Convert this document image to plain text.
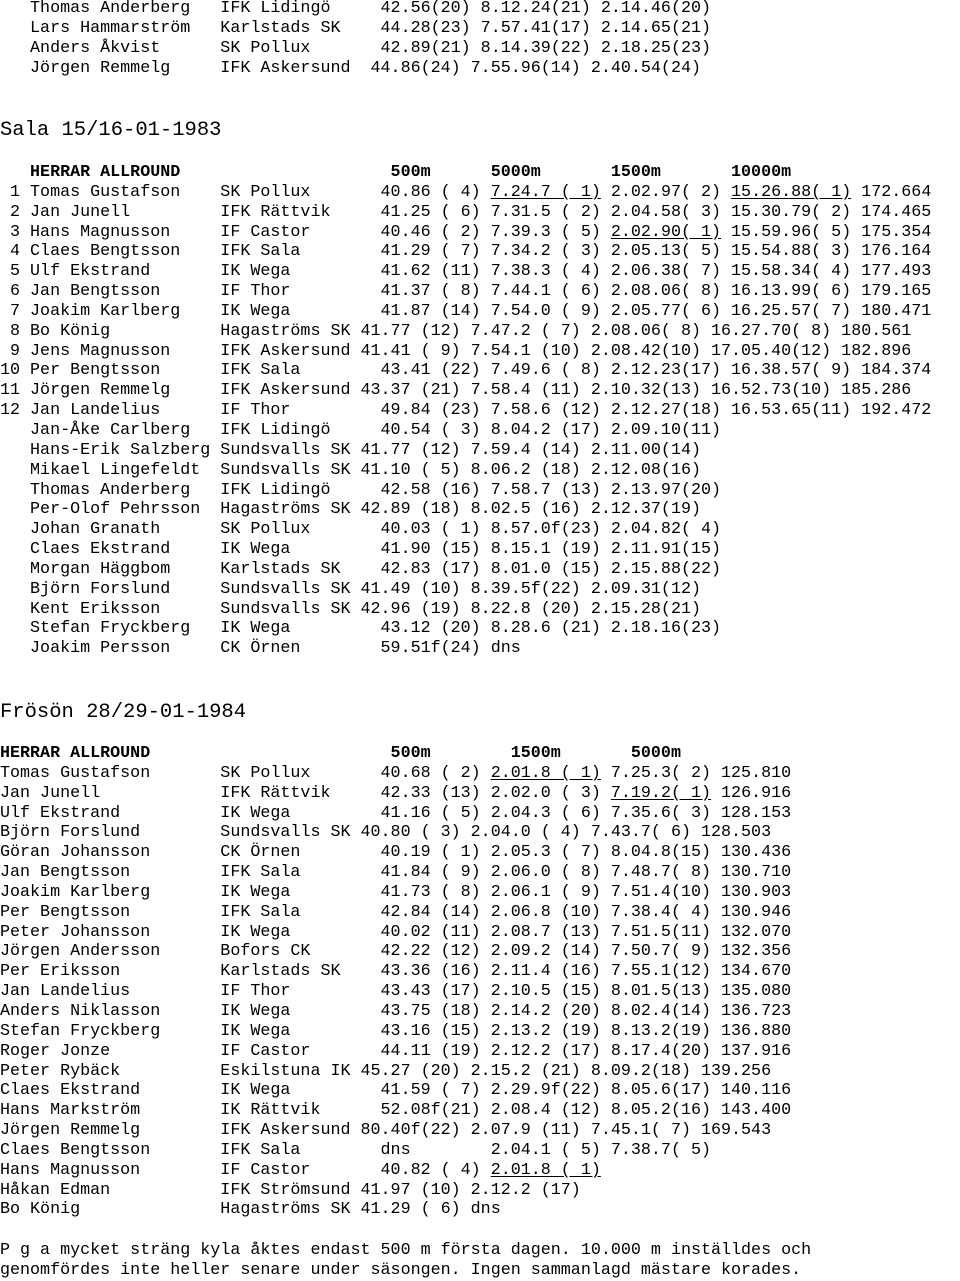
Thomas Anderberg   IFK Lidingö     42.56(20) 8.12.24(21) 2.14.46(20)
Lars Hammarström   Karlstads SK    44.28(23) 7.57.41(17) 2.14.65(21)
Anders Åkvist      SK Pollux       42.89(21) 8.14.39(22) 2.18.25(23)
Jörgen Remmelg     IFK Askersund  44.86(24) 7.55.96(14) 2.40.54(24)
Sala 15/16-01-1983
HERRAR ALLROUND                     500m      5000m       1500m       10000m
1 Tomas Gustafson    SK Pollux       40.86 ( 4) 7.24.7 ( 1) 2.02.97( 2) 15.26.88( 1) 172.664
2 Jan Junell         IFK Rättvik     41.25 ( 6) 7.31.5 ( 2) 2.04.58( 3) 15.30.79( 2) 174.465
3 Hans Magnusson     IF Castor       40.46 ( 2) 7.39.3 ( 5) 2.02.90( 1) 15.59.96( 5) 175.354
4 Claes Bengtsson    IFK Sala        41.29 ( 7) 7.34.2 ( 3) 2.05.13( 5) 15.54.88( 3) 176.164
5 Ulf Ekstrand       IK Wega         41.62 (11) 7.38.3 ( 4) 2.06.38( 7) 15.58.34( 4) 177.493
6 Jan Bengtsson      IF Thor         41.37 ( 8) 7.44.1 ( 6) 2.08.06( 8) 16.13.99( 6) 179.165
7 Joakim Karlberg    IK Wega         41.87 (14) 7.54.0 ( 9) 2.05.77( 6) 16.25.57( 7) 180.471
8 Bo König           Hagaströms SK 41.77 (12) 7.47.2 ( 7) 2.08.06( 8) 16.27.70( 8) 180.561
9 Jens Magnusson     IFK Askersund 41.41 ( 9) 7.54.1 (10) 2.08.42(10) 17.05.40(12) 182.896
10 Per Bengtsson      IFK Sala        43.41 (22) 7.49.6 ( 8) 2.12.23(17) 16.38.57( 9) 184.374
11 Jörgen Remmelg     IFK Askersund 43.37 (21) 7.58.4 (11) 2.10.32(13) 16.52.73(10) 185.286
12 Jan Landelius      IF Thor         49.84 (23) 7.58.6 (12) 2.12.27(18) 16.53.65(11) 192.472
Jan-Åke Carlberg   IFK Lidingö     40.54 ( 3) 8.04.2 (17) 2.09.10(11)
Hans-Erik Salzberg Sundsvalls SK 41.77 (12) 7.59.4 (14) 2.11.00(14)
Mikael Lingefeldt  Sundsvalls SK 41.10 ( 5) 8.06.2 (18) 2.12.08(16)
Thomas Anderberg   IFK Lidingö     42.58 (16) 7.58.7 (13) 2.13.97(20)
Per-Olof Pehrsson  Hagaströms SK 42.89 (18) 8.02.5 (16) 2.12.37(19)
Johan Granath      SK Pollux       40.03 ( 1) 8.57.0f(23) 2.04.82( 4)
Claes Ekstrand     IK Wega         41.90 (15) 8.15.1 (19) 2.11.91(15)
Morgan Häggbom     Karlstads SK    42.83 (17) 8.01.0 (15) 2.15.88(22)
Björn Forslund     Sundsvalls SK 41.49 (10) 8.39.5f(22) 2.09.31(12)
Kent Eriksson      Sundsvalls SK 42.96 (19) 8.22.8 (20) 2.15.28(21)
Stefan Fryckberg   IK Wega         43.12 (20) 8.28.6 (21) 2.18.16(23)
Joakim Persson     CK Örnen        59.51f(24) dns
Frösön 28/29-01-1984
HERRAR ALLROUND                        500m        1500m       5000m
Tomas Gustafson       SK Pollux       40.68 ( 2) 2.01.8 ( 1) 7.25.3( 2) 125.810
Jan Junell            IFK Rättvik     42.33 (13) 2.02.0 ( 3) 7.19.2( 1) 126.916
Ulf Ekstrand          IK Wega         41.16 ( 5) 2.04.3 ( 6) 7.35.6( 3) 128.153
Björn Forslund        Sundsvalls SK 40.80 ( 3) 2.04.0 ( 4) 7.43.7( 6) 128.503
Göran Johansson       CK Örnen        40.19 ( 1) 2.05.3 ( 7) 8.04.8(15) 130.436
Jan Bengtsson         IFK Sala        41.84 ( 9) 2.06.0 ( 8) 7.48.7( 8) 130.710
Joakim Karlberg       IK Wega         41.73 ( 8) 2.06.1 ( 9) 7.51.4(10) 130.903
Per Bengtsson         IFK Sala        42.84 (14) 2.06.8 (10) 7.38.4( 4) 130.946
Peter Johansson       IK Wega         40.02 (11) 2.08.7 (13) 7.51.5(11) 132.070
Jörgen Andersson      Bofors CK       42.22 (12) 2.09.2 (14) 7.50.7( 9) 132.356
Per Eriksson          Karlstads SK    43.36 (16) 2.11.4 (16) 7.55.1(12) 134.670
Jan Landelius         IF Thor         43.43 (17) 2.10.5 (15) 8.01.5(13) 135.080
Anders Niklasson      IK Wega         43.75 (18) 2.14.2 (20) 8.02.4(14) 136.723
Stefan Fryckberg      IK Wega         43.16 (15) 2.13.2 (19) 8.13.2(19) 136.880
Roger Jonze           IF Castor       44.11 (19) 2.12.2 (17) 8.17.4(20) 137.916
Peter Rybäck          Eskilstuna IK 45.27 (20) 2.15.2 (21) 8.09.2(18) 139.256
Claes Ekstrand        IK Wega         41.59 ( 7) 2.29.9f(22) 8.05.6(17) 140.116
Hans Markström        IK Rättvik      52.08f(21) 2.08.4 (12) 8.05.2(16) 143.400
Jörgen Remmelg        IFK Askersund 80.40f(22) 2.07.9 (11) 7.45.1( 7) 169.543
Claes Bengtsson       IFK Sala        dns        2.04.1 ( 5) 7.38.7( 5)
Hans Magnusson        IF Castor       40.82 ( 4) 2.01.8 ( 1)
Håkan Edman           IFK Strömsund 41.97 (10) 2.12.2 (17)
Bo König              Hagaströms SK 41.29 ( 6) dns
P g a mycket sträng kyla åktes endast 500 m första dagen. 10.000 m inställdes och
genomfördes inte heller senare under säsongen. Ingen sammanlagd mästare korades.
